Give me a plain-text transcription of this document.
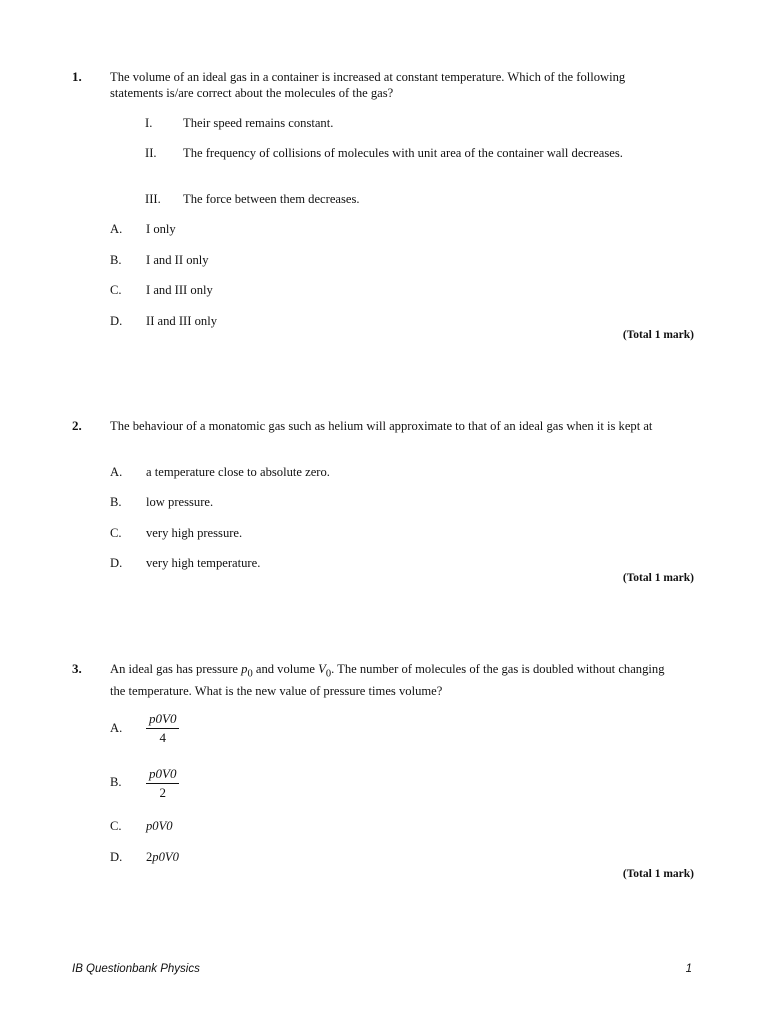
1. The volume of an ideal gas in a container is increased at constant temperature. Which of the following statements is/are correct about the molecules of the gas?
I. Their speed remains constant.
II. The frequency of collisions of molecules with unit area of the container wall decreases.
III. The force between them decreases.
A. I only
B. I and II only
C. I and III only
D. II and III only
(Total 1 mark)
2. The behaviour of a monatomic gas such as helium will approximate to that of an ideal gas when it is kept at
A. a temperature close to absolute zero.
B. low pressure.
C. very high pressure.
D. very high temperature.
(Total 1 mark)
3. An ideal gas has pressure $p_0$ and volume $V_0$. The number of molecules of the gas is doubled without changing the temperature. What is the new value of pressure times volume?
A. $\frac{p0V0}{4}$
B. $\frac{p0V0}{2}$
C. p0V0
D. 2p0V0
(Total 1 mark)
IB Questionbank Physics	1
